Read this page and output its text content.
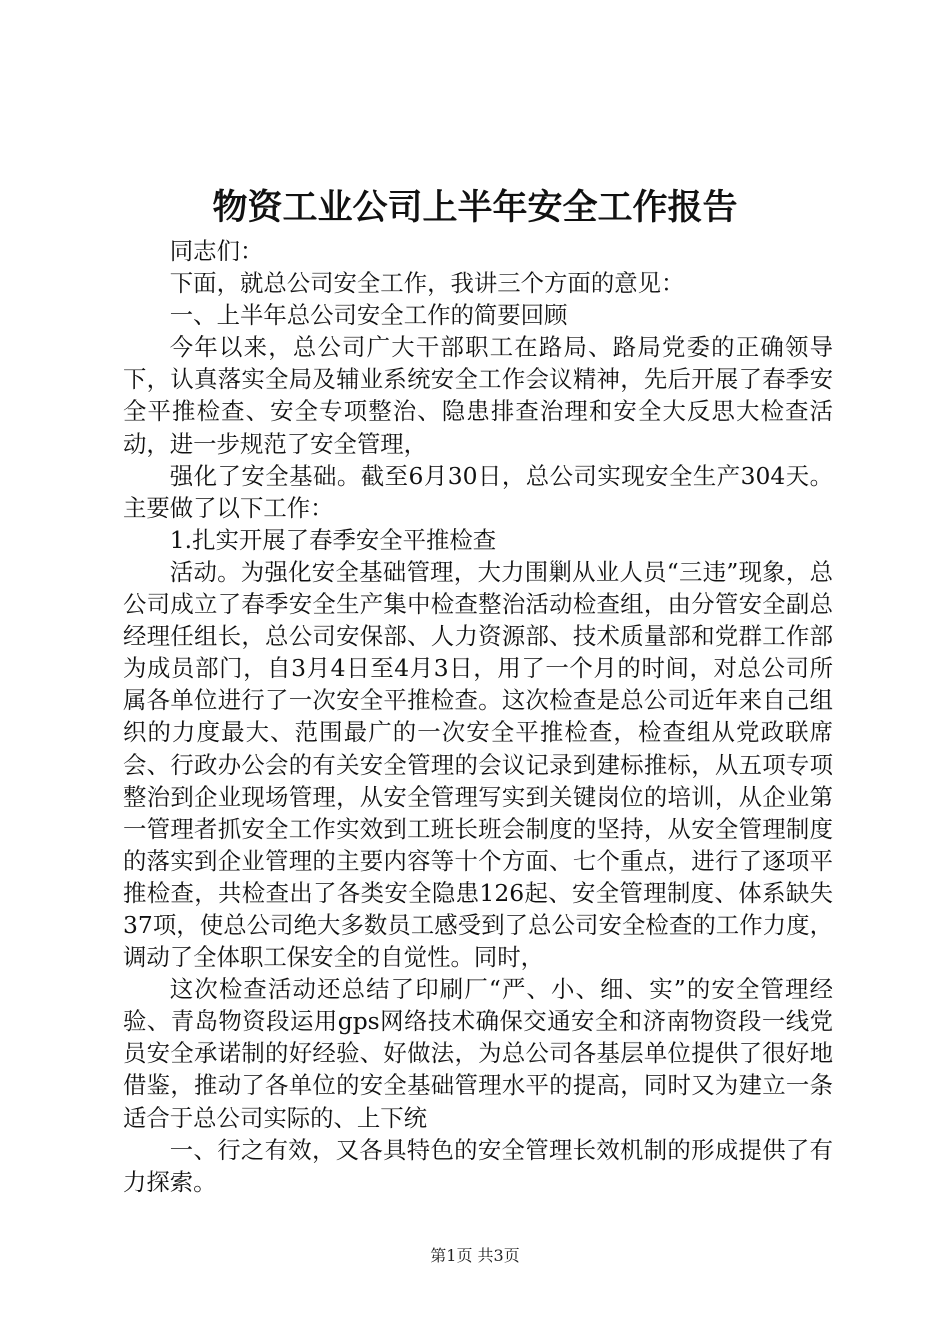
物资工业公司上半年安全工作报告

同志们：

下面，就总公司安全工作，我讲三个方面的意见：

一、上半年总公司安全工作的简要回顾

今年以来，总公司广大干部职工在路局、路局党委的正确领导下，认真落实全局及辅业系统安全工作会议精神，先后开展了春季安全平推检查、安全专项整治、隐患排查治理和安全大反思大检查活动，进一步规范了安全管理，

强化了安全基础。截至6月30日，总公司实现安全生产304天。主要做了以下工作：

1.扎实开展了春季安全平推检查

活动。为强化安全基础管理，大力围剿从业人员“三违”现象，总公司成立了春季安全生产集中检查整治活动检查组，由分管安全副总经理任组长，总公司安保部、人力资源部、技术质量部和党群工作部为成员部门，自3月4日至4月3日，用了一个月的时间，对总公司所属各单位进行了一次安全平推检查。这次检查是总公司近年来自己组织的力度最大、范围最广的一次安全平推检查，检查组从党政联席会、行政办公会的有关安全管理的会议记录到建标推标，从五项专项整治到企业现场管理，从安全管理写实到关键岗位的培训，从企业第一管理者抓安全工作实效到工班长班会制度的坚持，从安全管理制度的落实到企业管理的主要内容等十个方面、七个重点，进行了逐项平推检查，共检查出了各类安全隐患126起、安全管理制度、体系缺失37项，使总公司绝大多数员工感受到了总公司安全检查的工作力度，调动了全体职工保安全的自觉性。同时，

这次检查活动还总结了印刷厂“严、小、细、实”的安全管理经验、青岛物资段运用gps网络技术确保交通安全和济南物资段一线党员安全承诺制的好经验、好做法，为总公司各基层单位提供了很好地借鉴，推动了各单位的安全基础管理水平的提高，同时又为建立一条适合于总公司实际的、上下统

一、行之有效，又各具特色的安全管理长效机制的形成提供了有力探索。

第1页 共3页
